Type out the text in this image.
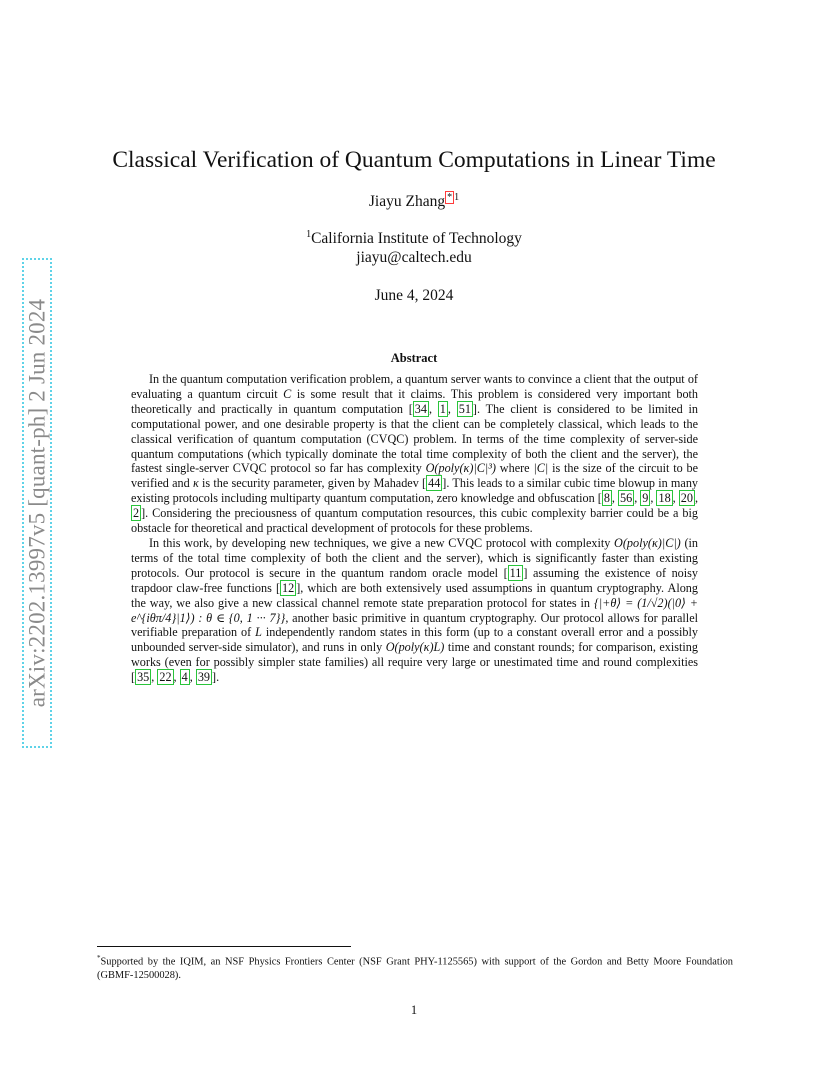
arXiv:2202.13997v5 [quant-ph] 2 Jun 2024
Classical Verification of Quantum Computations in Linear Time
Jiayu Zhang $^{* 1}$
$^1$California Institute of Technology
jiayu@caltech.edu
June 4, 2024
Abstract

In the quantum computation verification problem, a quantum server wants to convince a client that the output of evaluating a quantum circuit C is some result that it claims. This problem is considered very important both theoretically and practically in quantum computation [ 34 , 1 , 51 ]. The client is considered to be limited in computational power, and one desirable property is that the client can be completely classical, which leads to the classical verification of quantum computation (CVQC) problem. In terms of the time complexity of server-side quantum computations (which typically dominate the total time complexity of both the client and the server), the fastest single-server CVQC protocol so far has complexity O(poly(κ)|C|³) where |C| is the size of the circuit to be verified and κ is the security parameter, given by Mahadev [ 44 ]. This leads to a similar cubic time blowup in many existing protocols including multiparty quantum computation, zero knowledge and obfuscation [ 8 , 56 , 9 , 18 , 20 , 2 ]. Considering the preciousness of quantum computation resources, this cubic complexity barrier could be a big obstacle for theoretical and practical development of protocols for these problems.

In this work, by developing new techniques, we give a new CVQC protocol with complexity O(poly(κ)|C|) (in terms of the total time complexity of both the client and the server), which is significantly faster than existing protocols. Our protocol is secure in the quantum random oracle model [ 11 ] assuming the existence of noisy trapdoor claw-free functions [ 12 ], which are both extensively used assumptions in quantum cryptography. Along the way, we also give a new classical channel remote state preparation protocol for states in {|+θ⟩ = (1/√2)(|0⟩ + e^{iθπ/4}|1⟩) : θ ∈ {0, 1 ··· 7}}, another basic primitive in quantum cryptography. Our protocol allows for parallel verifiable preparation of L independently random states in this form (up to a constant overall error and a possibly unbounded server-side simulator), and runs in only O(poly(κ)L) time and constant rounds; for comparison, existing works (even for possibly simpler state families) all require very large or unestimated time and round complexities [ 35 , 22 , 4 , 39 ].

*Supported by the IQIM, an NSF Physics Frontiers Center (NSF Grant PHY-1125565) with support of the Gordon and Betty Moore Foundation (GBMF-12500028).
1
